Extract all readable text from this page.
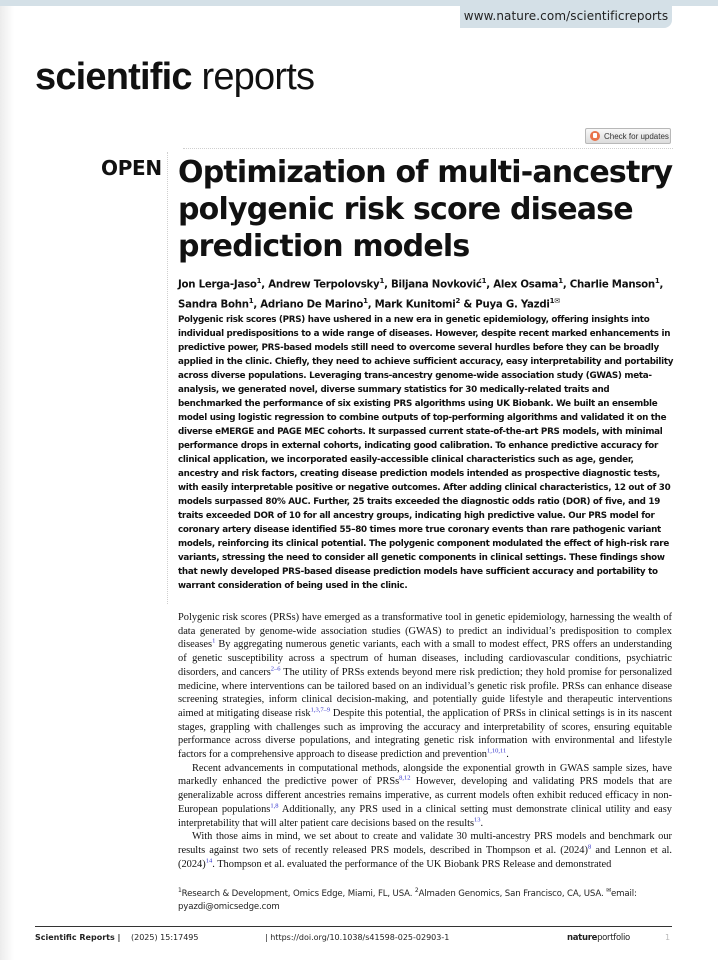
www.nature.com/scientificreports
scientific reports
Check for updates
OPEN Optimization of multi-ancestry polygenic risk score disease prediction models
Jon Lerga-Jaso$^1$, Andrew Terpolovsky$^1$, Biljana Novković$^1$, Alex Osama$^1$, Charlie Manson$^1$, Sandra Bohn$^1$, Adriano De Marino$^1$, Mark Kunitomi$^2$ & Puya G. Yazdi$^{1✉}$

Polygenic risk scores (PRS) have ushered in a new era in genetic epidemiology, offering insights into individual predispositions to a wide range of diseases. However, despite recent marked enhancements in predictive power, PRS-based models still need to overcome several hurdles before they can be broadly applied in the clinic. Chiefly, they need to achieve sufficient accuracy, easy interpretability and portability across diverse populations. Leveraging trans-ancestry genome-wide association study (GWAS) meta-analysis, we generated novel, diverse summary statistics for 30 medically-related traits and benchmarked the performance of six existing PRS algorithms using UK Biobank. We built an ensemble model using logistic regression to combine outputs of top-performing algorithms and validated it on the diverse eMERGE and PAGE MEC cohorts. It surpassed current state-of-the-art PRS models, with minimal performance drops in external cohorts, indicating good calibration. To enhance predictive accuracy for clinical application, we incorporated easily-accessible clinical characteristics such as age, gender, ancestry and risk factors, creating disease prediction models intended as prospective diagnostic tests, with easily interpretable positive or negative outcomes. After adding clinical characteristics, 12 out of 30 models surpassed 80% AUC. Further, 25 traits exceeded the diagnostic odds ratio (DOR) of five, and 19 traits exceeded DOR of 10 for all ancestry groups, indicating high predictive value. Our PRS model for coronary artery disease identified 55–80 times more true coronary events than rare pathogenic variant models, reinforcing its clinical potential. The polygenic component modulated the effect of high-risk rare variants, stressing the need to consider all genetic components in clinical settings. These findings show that newly developed PRS-based disease prediction models have sufficient accuracy and portability to warrant consideration of being used in the clinic.

Polygenic risk scores (PRSs) have emerged as a transformative tool in genetic epidemiology, harnessing the wealth of data generated by genome-wide association studies (GWAS) to predict an individual’s predisposition to complex diseases$^1$ By aggregating numerous genetic variants, each with a small to modest effect, PRS offers an understanding of genetic susceptibility across a spectrum of human diseases, including cardiovascular conditions, psychiatric disorders, and cancers$^{2-6}$ The utility of PRSs extends beyond mere risk prediction; they hold promise for personalized medicine, where interventions can be tailored based on an individual’s genetic risk profile. PRSs can enhance disease screening strategies, inform clinical decision-making, and potentially guide lifestyle and therapeutic interventions aimed at mitigating disease risk$^{1,3,7-9}$ Despite this potential, the application of PRSs in clinical settings is in its nascent stages, grappling with challenges such as improving the accuracy and interpretability of scores, ensuring equitable performance across diverse populations, and integrating genetic risk information with environmental and lifestyle factors for a comprehensive approach to disease prediction and prevention$^{1,10,11}$.

Recent advancements in computational methods, alongside the exponential growth in GWAS sample sizes, have markedly enhanced the predictive power of PRSs$^{8,12}$ However, developing and validating PRS models that are generalizable across different ancestries remains imperative, as current models often exhibit reduced efficacy in non-European populations$^{1,8}$ Additionally, any PRS used in a clinical setting must demonstrate clinical utility and easy interpretability that will alter patient care decisions based on the results$^{13}$.

With those aims in mind, we set about to create and validate 30 multi-ancestry PRS models and benchmark our results against two sets of recently released PRS models, described in Thompson et al. $(2024)^8$ and Lennon et al. $(2024)^{14}$. Thompson et al. evaluated the performance of the UK Biobank PRS Release and demonstrated

$^1$Research & Development, Omics Edge, Miami, FL, USA. $^2$Almaden Genomics, San Francisco, CA, USA. ✉email: pyazdi@omicsedge.com
Scientific Reports | (2025) 15:17495	| https://doi.org/10.1038/s41598-025-02903-1	natureportfolio	1
